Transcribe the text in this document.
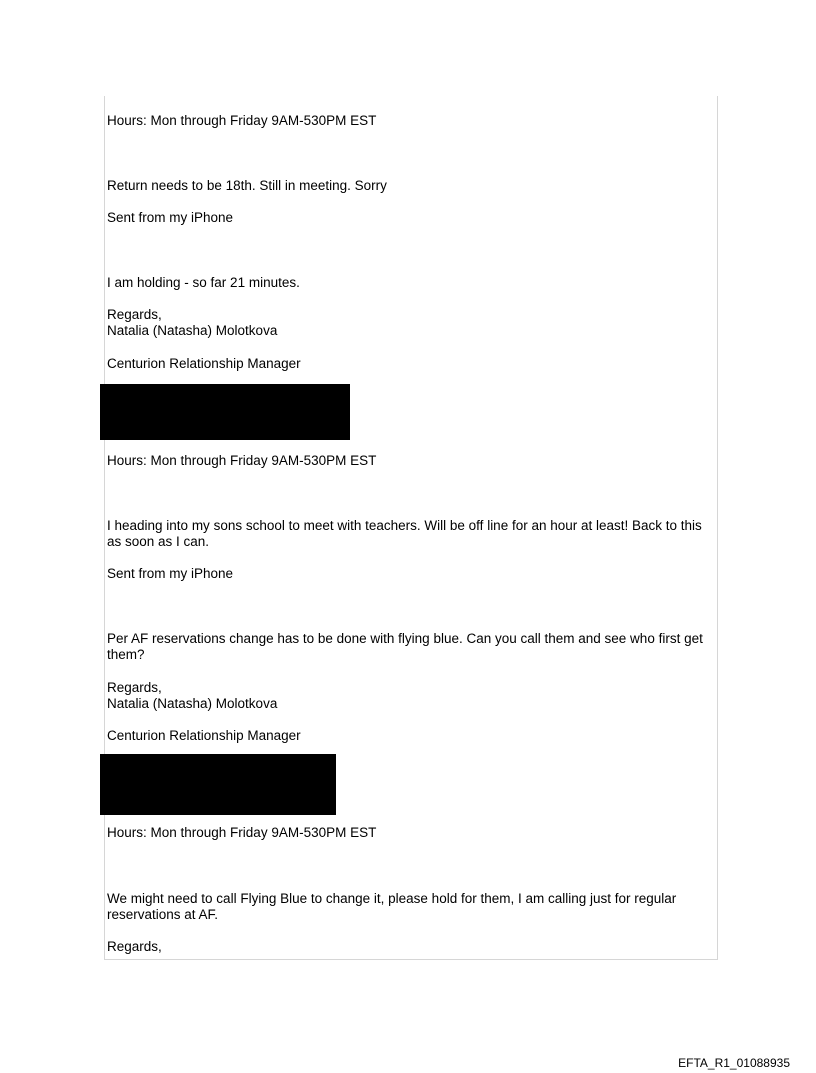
Hours: Mon through Friday 9AM-530PM EST
Return needs to be 18th. Still in meeting. Sorry
Sent from my iPhone
I am holding - so far 21 minutes.
Regards,
Natalia (Natasha) Molotkova
Centurion Relationship Manager
Hours: Mon through Friday 9AM-530PM EST
I heading into my sons school to meet with teachers. Will be off line for an hour at least! Back to this as soon as I can.
Sent from my iPhone
Per AF reservations change has to be done with flying blue. Can you call them and see who first get them?
Regards,
Natalia (Natasha) Molotkova
Centurion Relationship Manager
Hours: Mon through Friday 9AM-530PM EST
We might need to call Flying Blue to change it, please hold for them, I am calling just for regular reservations at AF.
Regards,
EFTA_R1_01088935
